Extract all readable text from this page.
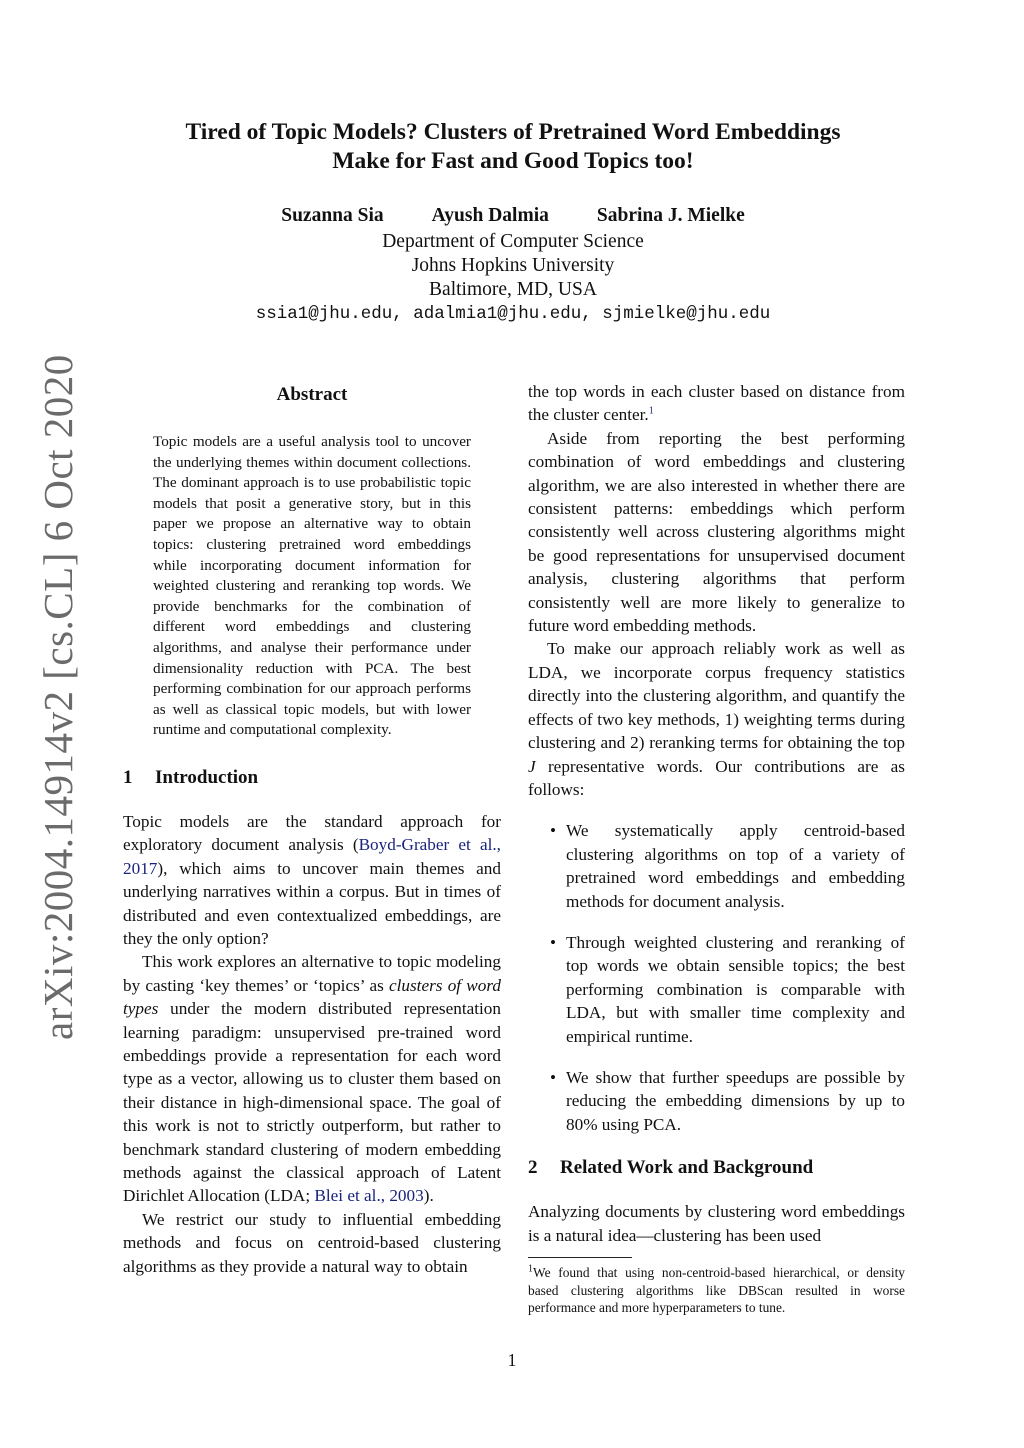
arXiv:2004.14914v2 [cs.CL] 6 Oct 2020
Tired of Topic Models? Clusters of Pretrained Word Embeddings
Make for Fast and Good Topics too!
Suzanna Sia Ayush Dalmia Sabrina J. Mielke
Department of Computer Science
Johns Hopkins University
Baltimore, MD, USA
ssia1@jhu.edu, adalmia1@jhu.edu, sjmielke@jhu.edu
Abstract
Topic models are a useful analysis tool to uncover the underlying themes within document collections. The dominant approach is to use probabilistic topic models that posit a generative story, but in this paper we propose an alternative way to obtain topics: clustering pretrained word embeddings while incorporating document information for weighted clustering and reranking top words. We provide benchmarks for the combination of different word embeddings and clustering algorithms, and analyse their performance under dimensionality reduction with PCA. The best performing combination for our approach performs as well as classical topic models, but with lower runtime and computational complexity.
1 Introduction

Topic models are the standard approach for exploratory document analysis (Boyd-Graber et al., 2017), which aims to uncover main themes and underlying narratives within a corpus. But in times of distributed and even contextualized embeddings, are they the only option?

This work explores an alternative to topic modeling by casting ‘key themes’ or ‘topics’ as clusters of word types under the modern distributed representation learning paradigm: unsupervised pre-trained word embeddings provide a representation for each word type as a vector, allowing us to cluster them based on their distance in high-dimensional space. The goal of this work is not to strictly outperform, but rather to benchmark standard clustering of modern embedding methods against the classical approach of Latent Dirichlet Allocation (LDA; Blei et al., 2003).

We restrict our study to influential embedding methods and focus on centroid-based clustering algorithms as they provide a natural way to obtain

the top words in each cluster based on distance from the cluster center.$^1$

Aside from reporting the best performing combination of word embeddings and clustering algorithm, we are also interested in whether there are consistent patterns: embeddings which perform consistently well across clustering algorithms might be good representations for unsupervised document analysis, clustering algorithms that perform consistently well are more likely to generalize to future word embedding methods.

To make our approach reliably work as well as LDA, we incorporate corpus frequency statistics directly into the clustering algorithm, and quantify the effects of two key methods, 1) weighting terms during clustering and 2) reranking terms for obtaining the top J representative words. Our contributions are as follows:

• We systematically apply centroid-based clustering algorithms on top of a variety of pretrained word embeddings and embedding methods for document analysis.
• Through weighted clustering and reranking of top words we obtain sensible topics; the best performing combination is comparable with LDA, but with smaller time complexity and empirical runtime.
• We show that further speedups are possible by reducing the embedding dimensions by up to 80% using PCA.
2 Related Work and Background

Analyzing documents by clustering word embeddings is a natural idea—clustering has been used

$^1$We found that using non-centroid-based hierarchical, or density based clustering algorithms like DBScan resulted in worse performance and more hyperparameters to tune.
1
